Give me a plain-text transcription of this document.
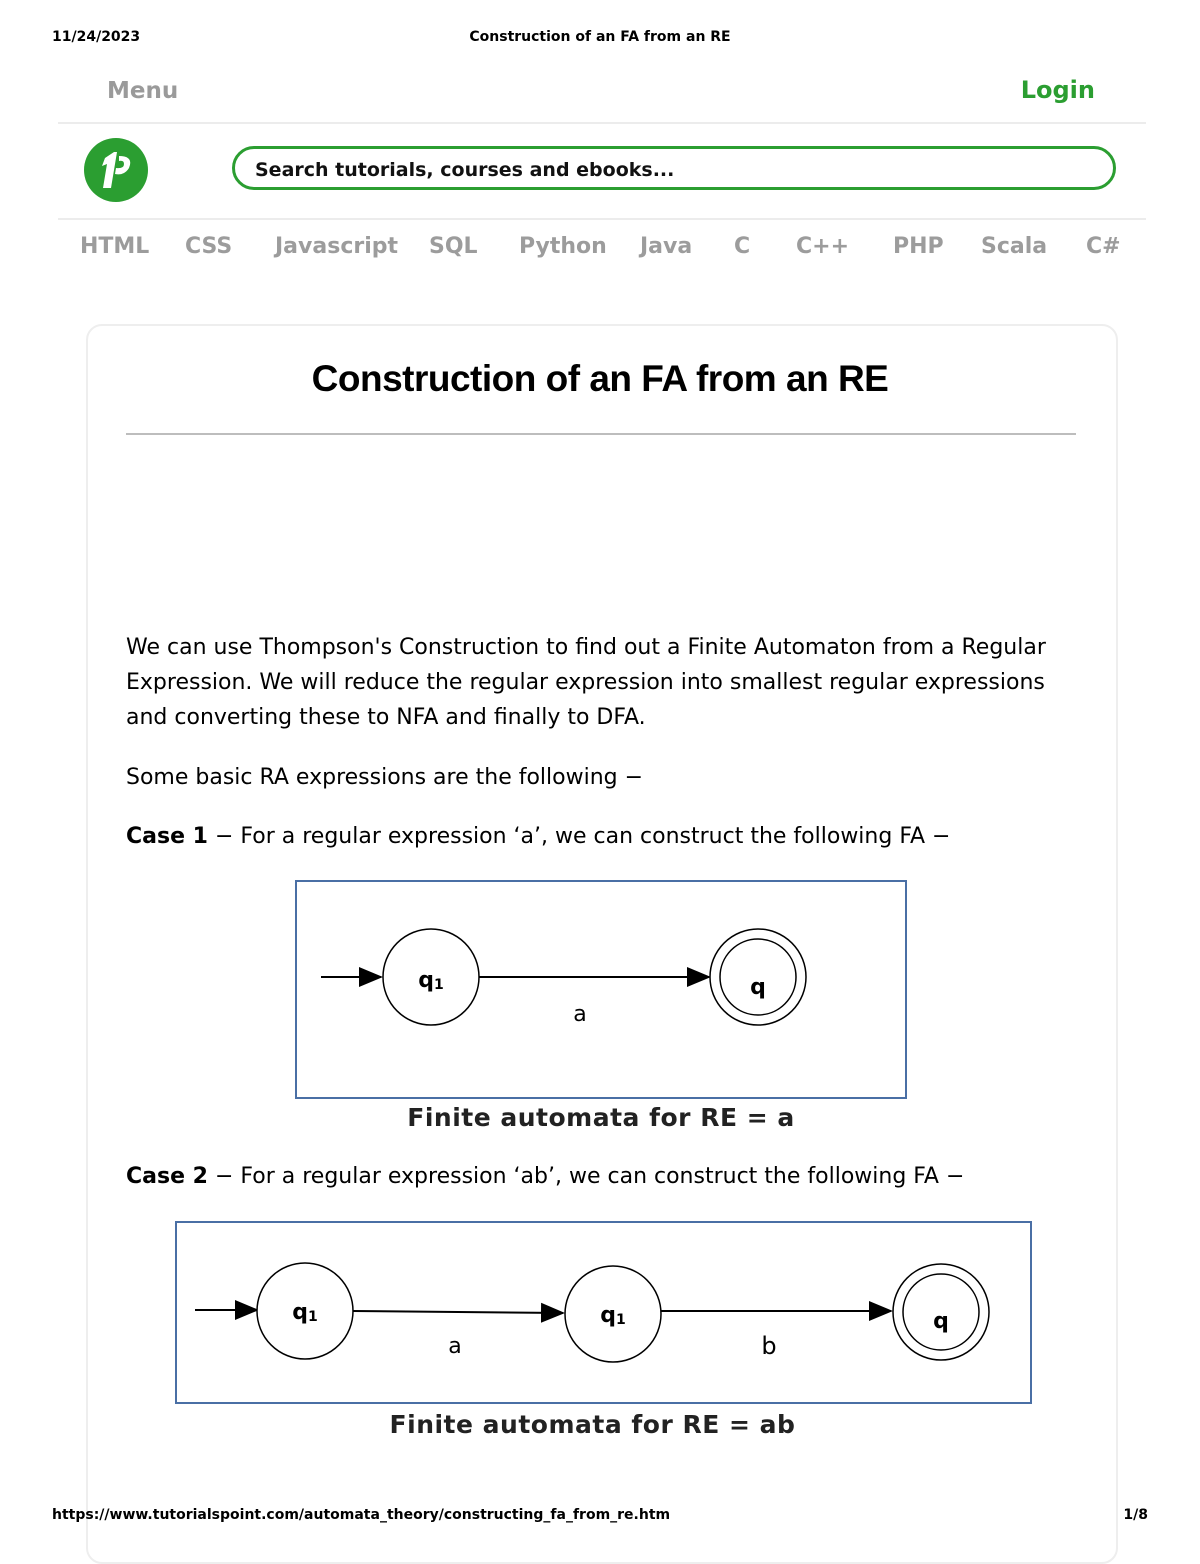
11/24/2023	Construction of an FA from an RE
Menu	Login
Search tutorials, courses and ebooks...
HTML CSS Javascript SQL Python Java C C++ PHP Scala C#
Construction of an FA from an RE

We can use Thompson's Construction to find out a Finite Automaton from a Regular Expression. We will reduce the regular expression into smallest regular expressions and converting these to NFA and finally to DFA.

Some basic RA expressions are the following −

Case 1 − For a regular expression ‘a’, we can construct the following FA −

q1
a
q
Finite automata for RE = a

Case 2 − For a regular expression ‘ab’, we can construct the following FA −

q1
a
q1
b
q
Finite automata for RE = ab
https://www.tutorialspoint.com/automata_theory/constructing_fa_from_re.htm	1/8
